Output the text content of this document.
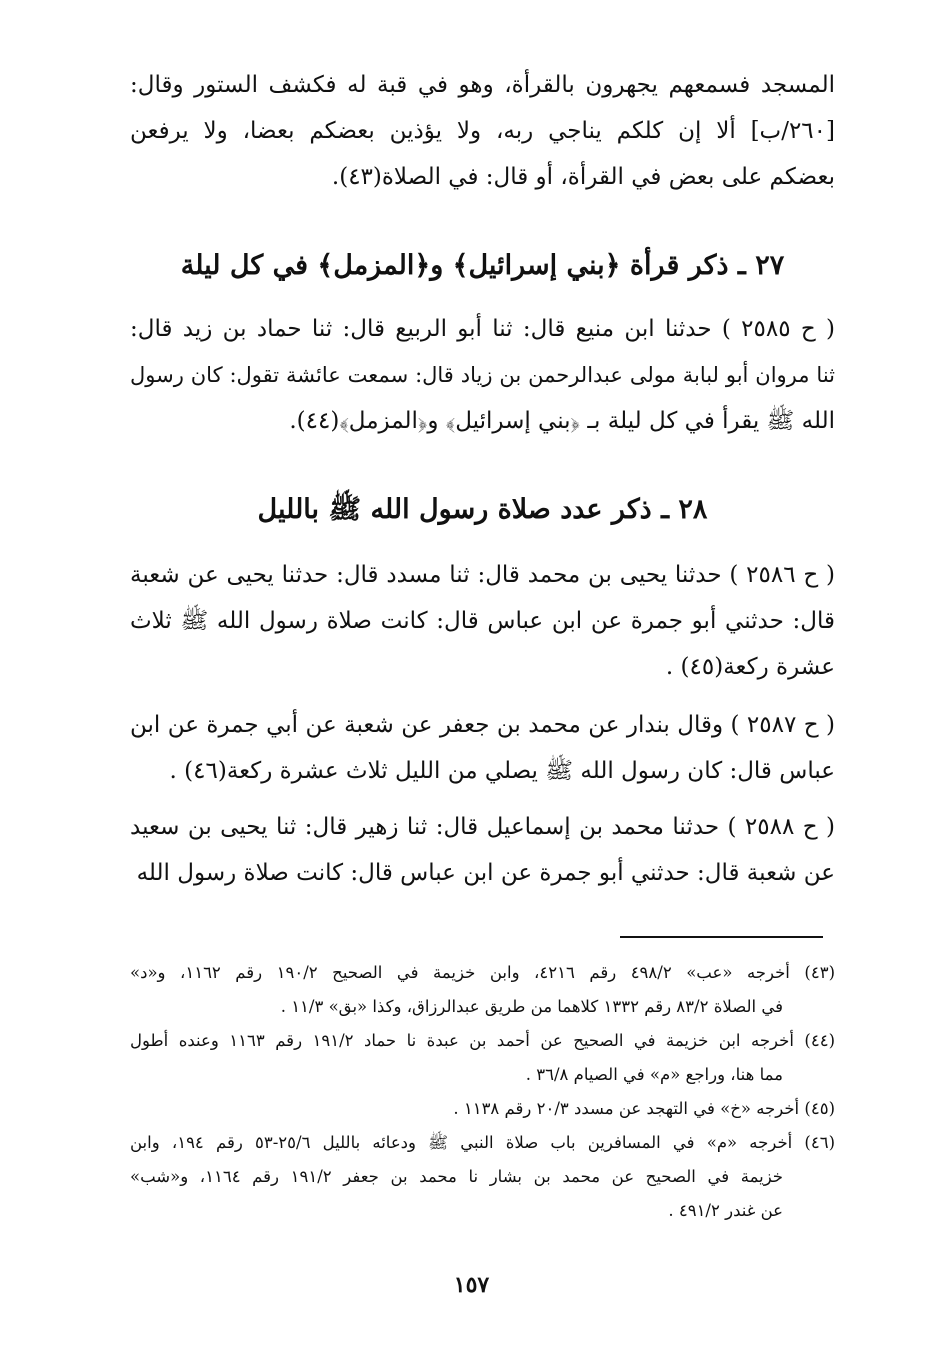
المسجد فسمعهم يجهرون بالقرأة، وهو في قبة له فكشف الستور وقال:
[٢٦٠/ب] ألا إن كلكم يناجي ربه، ولا يؤذين بعضكم بعضا، ولا يرفعن
بعضكم على بعض في القرأة، أو قال: في الصلاة(٤٣).
٢٧ ـ ذكر قرأة ﴿بني إسرائيل﴾ و﴿المزمل﴾ في كل ليلة
( ح ٢٥٨٥ ) حدثنا ابن منيع قال: ثنا أبو الربيع قال: ثنا حماد بن زيد قال:
ثنا مروان أبو لبابة مولى عبدالرحمن بن زياد قال: سمعت عائشة تقول: كان رسول
الله ﷺ يقرأ في كل ليلة بـ ﴿بني إسرائيل﴾ و﴿المزمل﴾(٤٤).
٢٨ ـ ذكر عدد صلاة رسول الله ﷺ بالليل
( ح ٢٥٨٦ ) حدثنا يحيى بن محمد قال: ثنا مسدد قال: حدثنا يحيى عن شعبة
قال: حدثني أبو جمرة عن ابن عباس قال: كانت صلاة رسول الله ﷺ ثلاث
عشرة ركعة(٤٥) .
( ح ٢٥٨٧ ) وقال بندار عن محمد بن جعفر عن شعبة عن أبي جمرة عن ابن
عباس قال: كان رسول الله ﷺ يصلي من الليل ثلاث عشرة ركعة(٤٦) .
( ح ٢٥٨٨ ) حدثنا محمد بن إسماعيل قال: ثنا زهير قال: ثنا يحيى بن سعيد
عن شعبة قال: حدثني أبو جمرة عن ابن عباس قال: كانت صلاة رسول الله
(٤٣) أخرجه «عب» ٤٩٨/٢ رقم ٤٢١٦، وابن خزيمة في الصحيح ١٩٠/٢ رقم ١١٦٢، و«د»
في الصلاة ٨٣/٢ رقم ١٣٣٢ كلاهما من طريق عبدالرزاق، وكذا «بق» ١١/٣ .
(٤٤) أخرجه ابن خزيمة في الصحيح عن أحمد بن عبدة نا حماد ١٩١/٢ رقم ١١٦٣ وعنده أطول
مما هنا، وراجع «م» في الصيام ٣٦/٨ .
(٤٥) أخرجه «خ» في التهجد عن مسدد ٢٠/٣ رقم ١١٣٨ .
(٤٦) أخرجه «م» في المسافرين باب صلاة النبي ﷺ ودعائه بالليل ٢٥/٦-٥٣ رقم ١٩٤، وابن
خزيمة في الصحيح عن محمد بن بشار نا محمد بن جعفر ١٩١/٢ رقم ١١٦٤، و«شب»
عن غندر ٤٩١/٢ .
١٥٧
